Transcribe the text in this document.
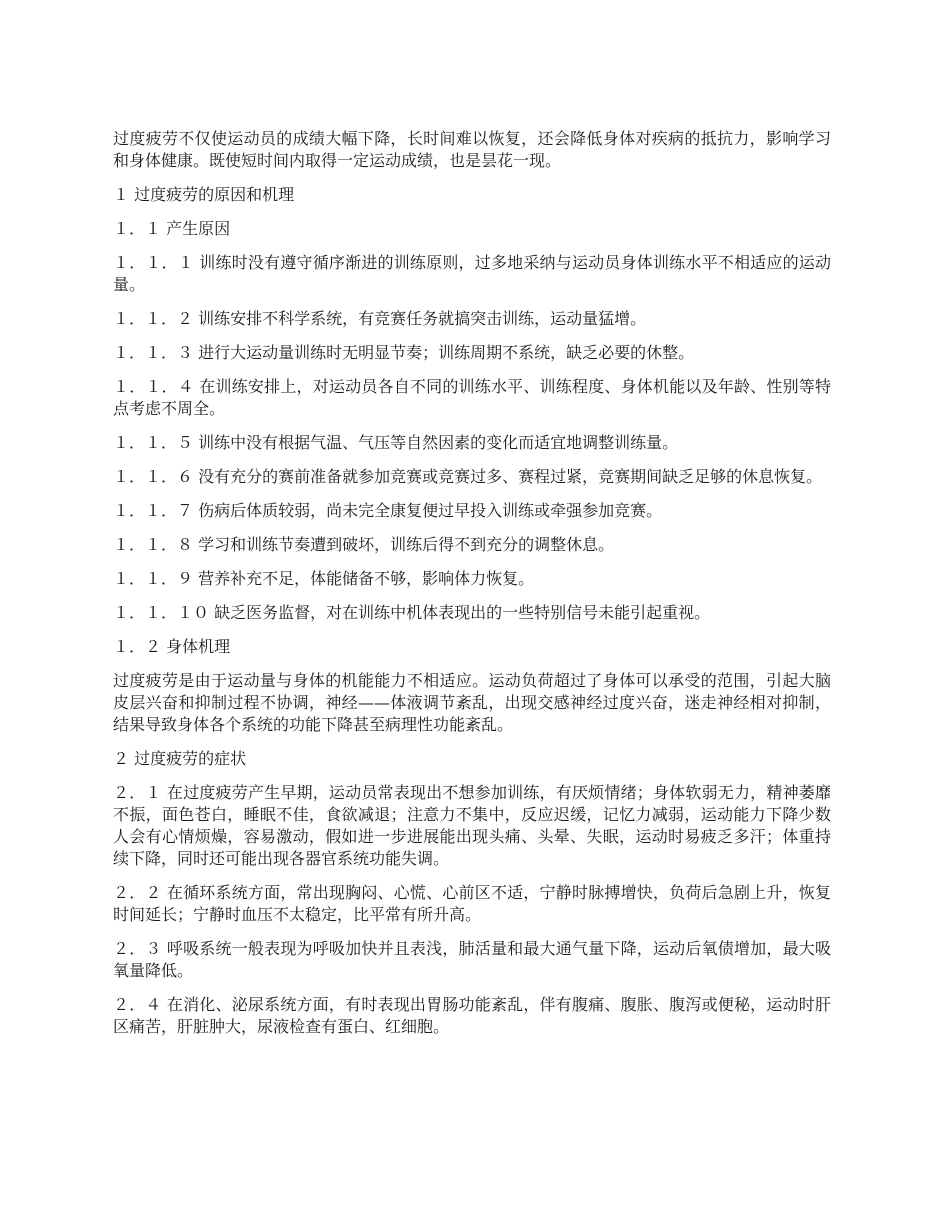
过度疲劳不仅使运动员的成绩大幅下降，长时间难以恢复，还会降低身体对疾病的抵抗力，影响学习和身体健康。既使短时间内取得一定运动成绩，也是昙花一现。

１ 过度疲劳的原因和机理

１．１ 产生原因

１．１．１ 训练时没有遵守循序渐进的训练原则，过多地采纳与运动员身体训练水平不相适应的运动量。

１．１．２ 训练安排不科学系统，有竞赛任务就搞突击训练，运动量猛增。

１．１．３ 进行大运动量训练时无明显节奏；训练周期不系统，缺乏必要的休整。

１．１．４ 在训练安排上，对运动员各自不同的训练水平、训练程度、身体机能以及年龄、性别等特点考虑不周全。

１．１．５ 训练中没有根据气温、气压等自然因素的变化而适宜地调整训练量。

１．１．６ 没有充分的赛前准备就参加竞赛或竞赛过多、赛程过紧，竞赛期间缺乏足够的休息恢复。

１．１．７ 伤病后体质较弱，尚未完全康复便过早投入训练或牵强参加竞赛。

１．１．８ 学习和训练节奏遭到破坏，训练后得不到充分的调整休息。

１．１．９ 营养补充不足，体能储备不够，影响体力恢复。

１．１．１０ 缺乏医务监督，对在训练中机体表现出的一些特别信号未能引起重视。

１．２ 身体机理

过度疲劳是由于运动量与身体的机能能力不相适应。运动负荷超过了身体可以承受的范围，引起大脑皮层兴奋和抑制过程不协调，神经——体液调节紊乱，出现交感神经过度兴奋，迷走神经相对抑制，结果导致身体各个系统的功能下降甚至病理性功能紊乱。

２ 过度疲劳的症状

２．１ 在过度疲劳产生早期，运动员常表现出不想参加训练，有厌烦情绪；身体软弱无力，精神萎靡不振，面色苍白，睡眠不佳，食欲减退；注意力不集中，反应迟缓，记忆力减弱，运动能力下降少数人会有心情烦燥，容易激动，假如进一步进展能出现头痛、头晕、失眠，运动时易疲乏多汗；体重持续下降，同时还可能出现各器官系统功能失调。

２．２ 在循环系统方面，常出现胸闷、心慌、心前区不适，宁静时脉搏增快，负荷后急剧上升，恢复时间延长；宁静时血压不太稳定，比平常有所升高。

２．３ 呼吸系统一般表现为呼吸加快并且表浅，肺活量和最大通气量下降，运动后氧债增加，最大吸氧量降低。

２．４ 在消化、泌尿系统方面，有时表现出胃肠功能紊乱，伴有腹痛、腹胀、腹泻或便秘，运动时肝区痛苦，肝脏肿大，尿液检查有蛋白、红细胞。
